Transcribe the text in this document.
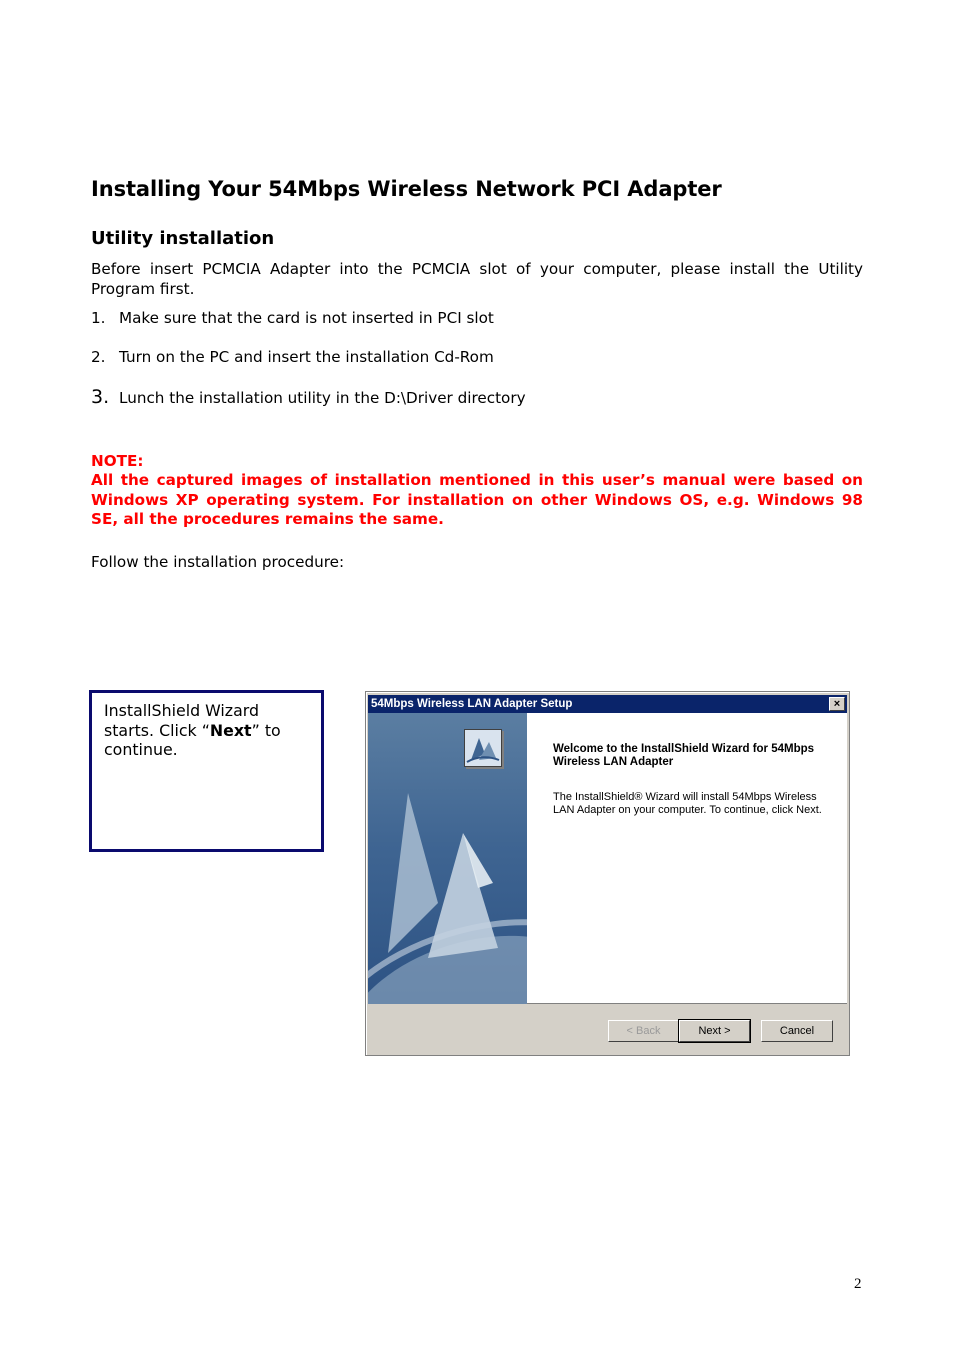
Installing Your 54Mbps Wireless Network PCI Adapter
Utility installation
Before insert PCMCIA Adapter into the PCMCIA slot of your computer, please install the Utility Program first.
1. Make sure that the card is not inserted in PCI slot
2. Turn on the PC and insert the installation Cd-Rom
3. Lunch the installation utility in the D:\Driver directory
NOTE:
All the captured images of installation mentioned in this user’s manual were based on Windows XP operating system. For installation on other Windows OS, e.g. Windows 98 SE, all the procedures remains the same.
Follow the installation procedure:
InstallShield Wizard starts. Click “Next” to continue.
54Mbps Wireless LAN Adapter Setup	×
Welcome to the InstallShield Wizard for 54Mbps Wireless LAN Adapter
The InstallShield® Wizard will install 54Mbps Wireless LAN Adapter on your computer. To continue, click Next.
< Back	Next >	Cancel
2
